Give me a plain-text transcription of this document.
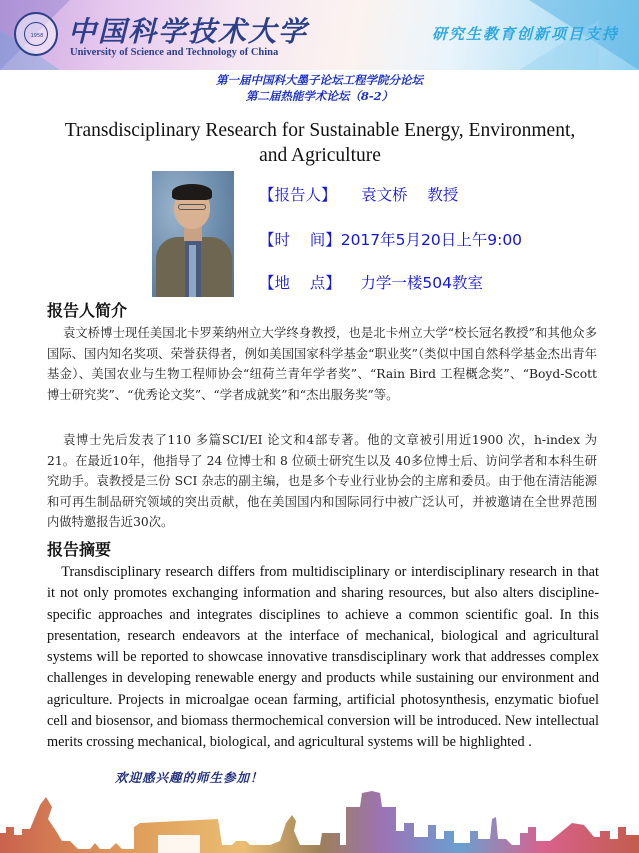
1958 中国科学技术大学
University of Science and Technology of China
研究生教育创新项目支持
第一届中国科大墨子论坛工程学院分论坛
第二届热能学术论坛（8-2）
Transdisciplinary Research for Sustainable Energy, Environment, and Agriculture
【报告人】     袁文桥    教授
【时    间】2017年5月20日上午9:00
【地    点】    力学一楼504教室
报告人简介

袁文桥博士现任美国北卡罗莱纳州立大学终身教授，也是北卡州立大学“校长冠名教授”和其他众多国际、国内知名奖项、荣誉获得者，例如美国国家科学基金“职业奖”（类似中国自然科学基金杰出青年基金）、美国农业与生物工程师协会“纽荷兰青年学者奖”、“Rain Bird 工程概念奖”、“Boyd-Scott 博士研究奖”、“优秀论文奖”、“学者成就奖”和“杰出服务奖”等。

袁博士先后发表了110 多篇SCI/EI 论文和4部专著。他的文章被引用近1900 次，h-index 为 21。在最近10年，他指导了 24 位博士和 8 位硕士研究生以及 40多位博士后、访问学者和本科生研究助手。袁教授是三份 SCI 杂志的副主编，也是多个专业行业协会的主席和委员。由于他在清洁能源和可再生制品研究领域的突出贡献，他在美国国内和国际同行中被广泛认可，并被邀请在全世界范围内做特邀报告近30次。

报告摘要

Transdisciplinary research differs from multidisciplinary or interdisciplinary research in that it not only promotes exchanging information and sharing resources, but also alters discipline-specific approaches and integrates disciplines to achieve a common scientific goal. In this presentation, research endeavors at the interface of mechanical, biological and agricultural systems will be reported to showcase innovative transdisciplinary work that addresses complex challenges in developing renewable energy and products while sustaining our environment and agriculture. Projects in microalgae ocean farming, artificial photosynthesis, enzymatic biofuel cell and biosensor, and biomass thermochemical conversion will be introduced. New intellectual merits crossing mechanical, biological, and agricultural systems will be highlighted .

欢迎感兴趣的师生参加！
